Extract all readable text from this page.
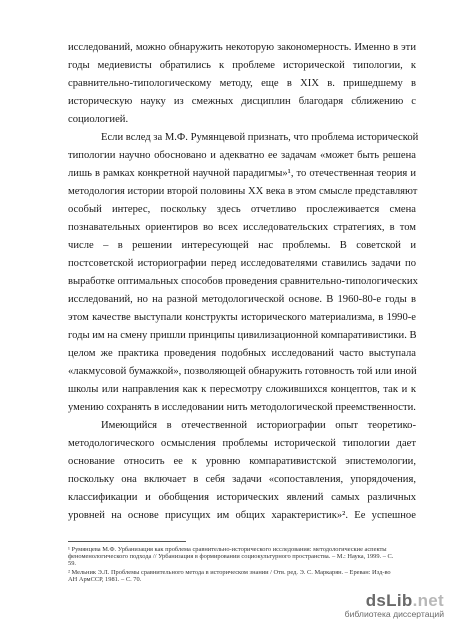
исследований, можно обнаружить некоторую закономерность. Именно в эти
годы медиевисты обратились к проблеме исторической типологии, к
сравнительно-типологическому методу, еще в XIX в. пришедшему в
историческую науку из смежных дисциплин благодаря сближению с
социологией.
Если вслед за М.Ф. Румянцевой признать, что проблема исторической
типологии научно обосновано и адекватно ее задачам «может быть решена
лишь в рамках конкретной научной парадигмы»¹, то отечественная теория и
методология истории второй половины XX века в этом смысле представляют
особый интерес, поскольку здесь отчетливо прослеживается смена
познавательных ориентиров во всех исследовательских стратегиях, в том
числе – в решении интересующей нас проблемы. В советской и
постсоветской историографии перед исследователями ставились задачи по
выработке оптимальных способов проведения сравнительно-типологических
исследований, но на разной методологической основе. В 1960-80-е годы в
этом качестве выступали конструкты исторического материализма, в 1990-е
годы им на смену пришли принципы цивилизационной компаративистики. В
целом же практика проведения подобных исследований часто выступала
«лакмусовой бумажкой», позволяющей обнаружить готовность той или иной
школы или направления как к пересмотру сложившихся концептов, так и к
умению сохранять в исследовании нить методологической преемственности.
Имеющийся в отечественной историографии опыт теоретико-
методологического осмысления проблемы исторической типологии дает
основание относить ее к уровню компаративистской эпистемологии,
поскольку она включает в себя задачи «сопоставления, упорядочения,
классификации и обобщения исторических явлений самых различных
уровней на основе присущих им общих характеристик»². Ее успешное
¹ Румянцева М.Ф. Урбанизация как проблема сравнительно-исторического исследования: методологические аспекты
феноменологического подхода // Урбанизация в формировании социокультурного пространства. – М.: Наука, 1999. – С.
59.
² Мельник Э.Л. Проблемы сравнительного метода в историческом знании / Отв. ред. Э. С. Маркарян. – Ереван: Изд-во
АН АрмССР, 1981. – С. 70.
dsLib.net
библиотека диссертаций
